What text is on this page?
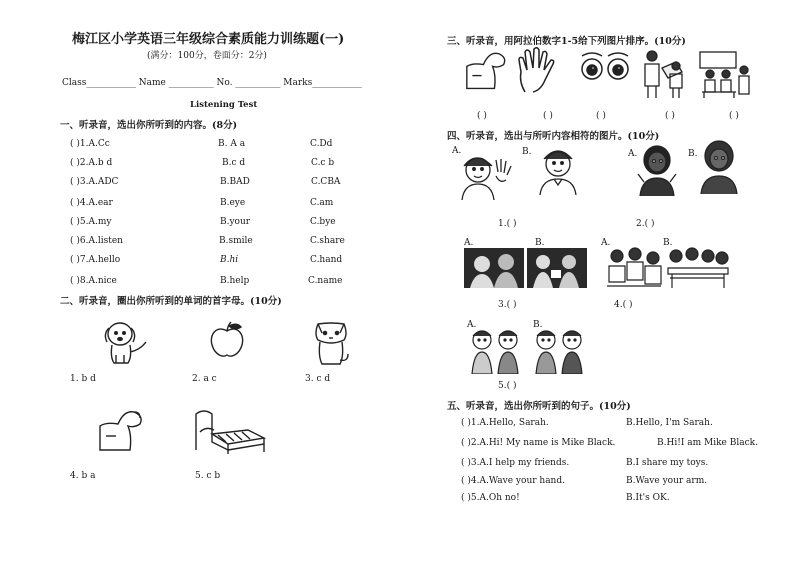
梅江区小学英语三年级综合素质能力训练题(一)
(满分：100分，卷面分：2分)
Class___________ Name __________ No. __________ Marks___________
Listening Test
一、听录音，选出你所听到的内容。(8分)
( )1.A.Cc	B. A a	C.Dd
( )2.A.b d	B.c d	C.c b
( )3.A.ADC	B.BAD	C.CBA
( )4.A.ear	B.eye	C.am
( )5.A.my	B.your	C.bye
( )6.A.listen	B.smile	C.share
( )7.A.hello	B.hi	C.hand
( )8.A.nice	B.help	C.name
二、听录音，圈出你所听到的单词的首字母。(10分)
1. b d	2. a c	3. c d
4. b a	5. c b
三、听录音，用阿拉伯数字1-5给下列图片排序。(10分)
( )	( )	( )	( )	( )
四、听录音，选出与所听内容相符的图片。(10分)
A.	B.	A.	B.
1.( )	2.( )
A.	B.	A.	B.
3.( )	4.( )
A.	B.
5.( )
五、听录音，选出你所听到的句子。(10分)
( )1.A.Hello, Sarah.	B.Hello, I'm Sarah.
( )2.A.Hi! My name is Mike Black.	B.Hi!I am Mike Black.
( )3.A.I help my friends.	B.I share my toys.
( )4.A.Wave your hand.	B.Wave your arm.
( )5.A.Oh no!	B.It's OK.
